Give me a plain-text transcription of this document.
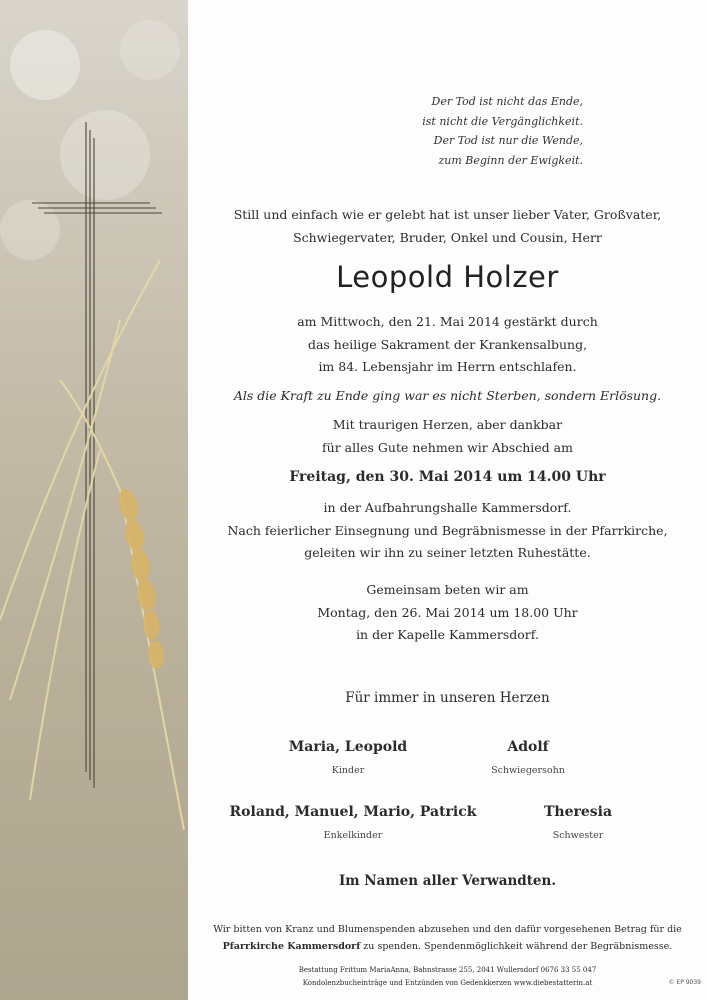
Der Tod ist nicht das Ende,
ist nicht die Vergänglichkeit.
Der Tod ist nur die Wende,
zum Beginn der Ewigkeit.
Still und einfach wie er gelebt hat ist unser lieber Vater, Großvater,
Schwiegervater, Bruder, Onkel und Cousin, Herr
Leopold Holzer
am Mittwoch, den 21. Mai 2014 gestärkt durch
das heilige Sakrament der Krankensalbung,
im 84. Lebensjahr im Herrn entschlafen.
Als die Kraft zu Ende ging war es nicht Sterben, sondern Erlösung.
Mit traurigen Herzen, aber dankbar
für alles Gute nehmen wir Abschied am
Freitag, den 30. Mai 2014 um 14.00 Uhr
in der Aufbahrungshalle Kammersdorf.
Nach feierlicher Einsegnung und Begräbnismesse in der Pfarrkirche,
geleiten wir ihn zu seiner letzten Ruhestätte.
Gemeinsam beten wir am
Montag, den 26. Mai 2014 um 18.00 Uhr
in der Kapelle Kammersdorf.
Für immer in unseren Herzen
Maria, Leopold
Kinder
Adolf
Schwiegersohn
Roland, Manuel, Mario, Patrick
Enkelkinder
Theresia
Schwester
Im Namen aller Verwandten.
Wir bitten von Kranz und Blumenspenden abzusehen und den dafür vorgesehenen Betrag für die
Pfarrkirche Kammersdorf zu spenden. Spendenmöglichkeit während der Begräbnismesse.
Bestattung Frittum MariaAnna, Bahnstrasse 255, 2041 Wullersdorf 0676 33 55 047
Kondolenzbucheinträge und Entzünden von Gedenkkerzen www.diebestatterin.at	© EP 9039
